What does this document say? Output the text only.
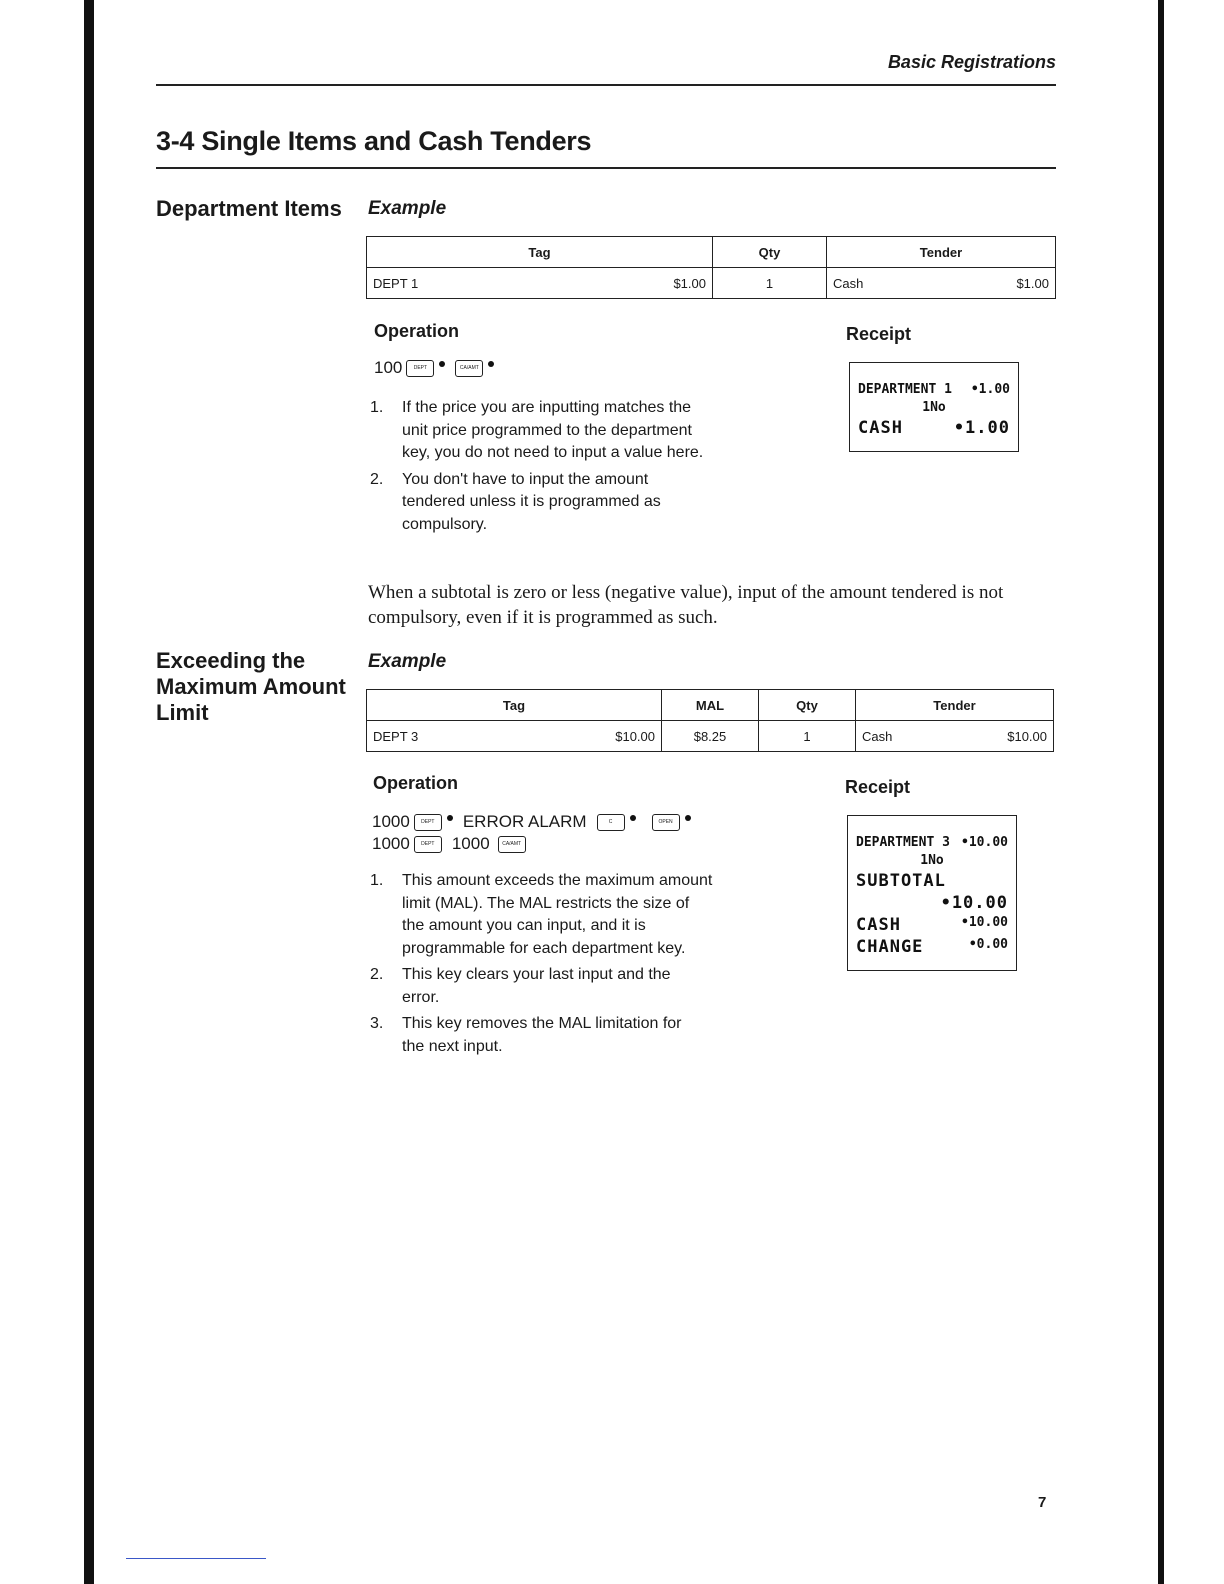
Basic Registrations
3-4 Single Items and Cash Tenders
Department Items Example
Tag	Qty	Tender
DEPT 1 $1.00	1	Cash $1.00
Operation	Receipt
100	DEPT	CA/AMT
1.	If the price you are inputting matches the unit price programmed to the department key, you do not need to input a value here.
2.	You don't have to input the amount tendered unless it is programmed as compulsory.
DEPARTMENT 1 •1.00
1No
CASH	•1.00
When a subtotal is zero or less (negative value), input of the amount tendered is not compulsory, even if it is programmed as such.
Exceeding the Maximum Amount Limit
Example
Tag	MAL	Qty	Tender
DEPT 3 $10.00	$8.25	1	Cash $10.00
Operation	Receipt
1000	DEPT	ERROR ALARM	C	OPEN
1000	DEPT	1000	CA/AMT
1.	This amount exceeds the maximum amount limit (MAL). The MAL restricts the size of the amount you can input, and it is programmable for each department key.
2.	This key clears your last input and the error.
3.	This key removes the MAL limitation for the next input.
DEPARTMENT 3 •10.00
1No
SUBTOTAL
•10.00
CASH	•10.00
CHANGE	•0.00
7
